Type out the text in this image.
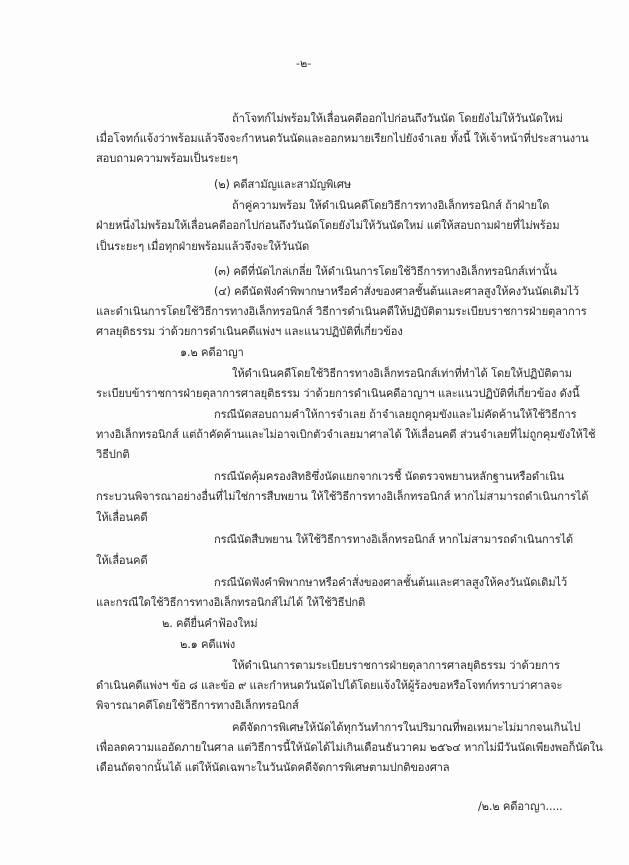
-๒-
ถ้าโจทก์ไม่พร้อมให้เลื่อนคดีออกไปก่อนถึงวันนัด โดยยังไม่ให้วันนัดใหม่
เมื่อโจทก์แจ้งว่าพร้อมแล้วจึงจะกำหนดวันนัดและออกหมายเรียกไปยังจำเลย ทั้งนี้ ให้เจ้าหน้าที่ประสานงาน
สอบถามความพร้อมเป็นระยะๆ
(๒) คดีสามัญและสามัญพิเศษ
ถ้าคู่ความพร้อม ให้ดำเนินคดีโดยวิธีการทางอิเล็กทรอนิกส์ ถ้าฝ่ายใด
ฝ่ายหนึ่งไม่พร้อมให้เลื่อนคดีออกไปก่อนถึงวันนัดโดยยังไม่ให้วันนัดใหม่ แต่ให้สอบถามฝ่ายที่ไม่พร้อม
เป็นระยะๆ เมื่อทุกฝ่ายพร้อมแล้วจึงจะให้วันนัด
(๓) คดีที่นัดไกล่เกลี่ย ให้ดำเนินการโดยใช้วิธีการทางอิเล็กทรอนิกส์เท่านั้น
(๔) คดีนัดฟังคำพิพากษาหรือคำสั่งของศาลชั้นต้นและศาลสูงให้คงวันนัดเดิมไว้
และดำเนินการโดยใช้วิธีการทางอิเล็กทรอนิกส์ วิธีการดำเนินคดีให้ปฏิบัติตามระเบียบราชการฝ่ายตุลาการ
ศาลยุติธรรม ว่าด้วยการดำเนินคดีแพ่งฯ และแนวปฏิบัติที่เกี่ยวข้อง
๑.๒ คดีอาญา
ให้ดำเนินคดีโดยใช้วิธีการทางอิเล็กทรอนิกส์เท่าที่ทำได้ โดยให้ปฏิบัติตาม
ระเบียบข้าราชการฝ่ายตุลาการศาลยุติธรรม ว่าด้วยการดำเนินคดีอาญาฯ และแนวปฏิบัติที่เกี่ยวข้อง ดังนี้
กรณีนัดสอบถามคำให้การจำเลย ถ้าจำเลยถูกคุมขังและไม่คัดค้านให้ใช้วิธีการ
ทางอิเล็กทรอนิกส์ แต่ถ้าคัดค้านและไม่อาจเบิกตัวจำเลยมาศาลได้ ให้เลื่อนคดี ส่วนจำเลยที่ไม่ถูกคุมขังให้ใช้
วิธีปกติ
กรณีนัดคุ้มครองสิทธิซึ่งนัดแยกจากเวรชี้ นัดตรวจพยานหลักฐานหรือดำเนิน
กระบวนพิจารณาอย่างอื่นที่ไม่ใช่การสืบพยาน ให้ใช้วิธีการทางอิเล็กทรอนิกส์ หากไม่สามารถดำเนินการได้
ให้เลื่อนคดี
กรณีนัดสืบพยาน ให้ใช้วิธีการทางอิเล็กทรอนิกส์ หากไม่สามารถดำเนินการได้
ให้เลื่อนคดี
กรณีนัดฟังคำพิพากษาหรือคำสั่งของศาลชั้นต้นและศาลสูงให้คงวันนัดเดิมไว้
และกรณีใดใช้วิธีการทางอิเล็กทรอนิกส์ไม่ได้ ให้ใช้วิธีปกติ
๒. คดียื่นคำฟ้องใหม่
๒.๑ คดีแพ่ง
ให้ดำเนินการตามระเบียบราชการฝ่ายตุลาการศาลยุติธรรม ว่าด้วยการ
ดำเนินคดีแพ่งฯ ข้อ ๘ และข้อ ๙ และกำหนดวันนัดไปได้โดยแจ้งให้ผู้ร้องขอหรือโจทก์ทราบว่าศาลจะ
พิจารณาคดีโดยใช้วิธีการทางอิเล็กทรอนิกส์
คดีจัดการพิเศษให้นัดได้ทุกวันทำการในปริมาณที่พอเหมาะไม่มากจนเกินไป
เพื่อลดความแออัดภายในศาล แต่วิธีการนี้ให้นัดได้ไม่เกินเดือนธันวาคม ๒๕๖๔ หากไม่มีวันนัดเพียงพอก็นัดใน
เดือนถัดจากนั้นได้ แต่ให้นัดเฉพาะในวันนัดคดีจัดการพิเศษตามปกติของศาล
/๒.๒ คดีอาญา.....
